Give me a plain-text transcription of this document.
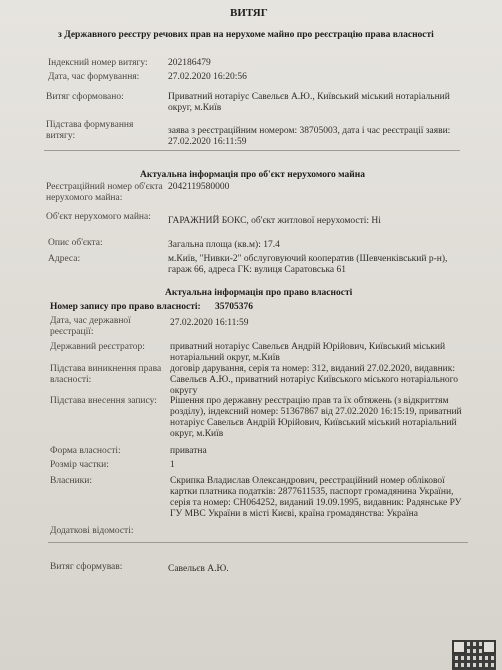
ВИТЯГ
з Державного реєстру речових прав на нерухоме майно про реєстрацію права власності
Індексний номер витягу: 202186479
Дата, час формування:	27.02.2020 16:20:56
Витяг сформовано:	Приватний нотаріус Савельєв А.Ю., Київський міський нотаріальний округ, м.Київ
Підстава формування витягу:	заява з реєстраційним номером: 38705003, дата і час реєстрації заяви: 27.02.2020 16:11:59
Актуальна інформація про об'єкт нерухомого майна
Реєстраційний номер об'єкта нерухомого майна:
2042119580000
Об'єкт нерухомого майна:	ГАРАЖНИЙ БОКС, об'єкт житлової нерухомості: Ні
Опис об'єкта:	Загальна площа (кв.м): 17.4
Адреса:	м.Київ, "Нивки-2" обслуговуючий кооператив (Шевченківський р-н), гараж 66, адреса ГК: вулиця Саратовська 61
Актуальна інформація про право власності
Номер запису про право власності: 35705376
Дата, час державної реєстрації:
27.02.2020 16:11:59
Державний реєстратор:	приватний нотаріус Савельєв Андрій Юрійович, Київський міський нотаріальний округ, м.Київ
Підстава виникнення права власності:
договір дарування, серія та номер: 312, виданий 27.02.2020, видавник: Савельєв А.Ю., приватний нотаріус Київського міського нотаріального округу
Підстава внесення запису:	Рішення про державну реєстрацію прав та їх обтяжень (з відкриттям розділу), індексний номер: 51367867 від 27.02.2020 16:15:19, приватний нотаріус Савельєв Андрій Юрійович, Київський міський нотаріальний округ, м.Київ
Форма власності:	приватна
Розмір частки:	1
Власники:	Скрипка Владислав Олександрович, реєстраційний номер облікової картки платника податків: 2877611535, паспорт громадянина України, серія та номер: СН064252, виданий 19.09.1995, видавник: Радянське РУ ГУ МВС України в місті Києві, країна громадянства: Україна
Додаткові відомості:
Витяг сформував:	Савельєв А.Ю.
